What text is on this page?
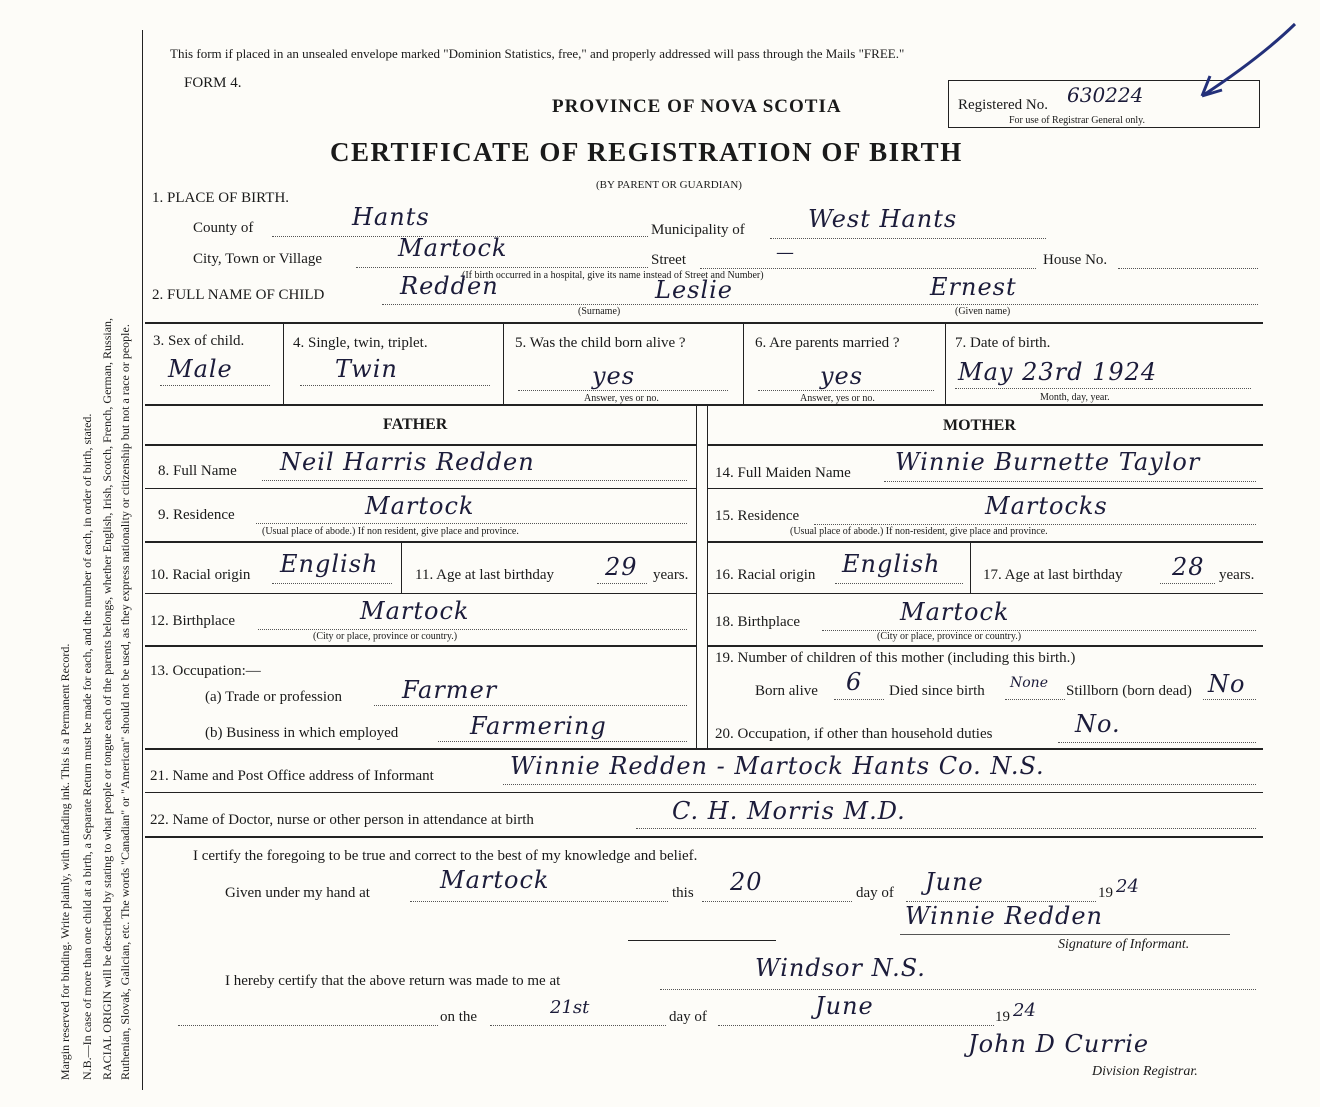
Margin reserved for binding. Write plainly, with unfading ink. This is a Permanent Record. N.B.—In case of more than one child at a birth, a Separate Return must be made for each, and the number of each, in order of birth, stated. RACIAL ORIGIN will be described by stating to what people or tongue each of the parents belongs, whether English, Irish, Scotch, French, German, Russian, Ruthenian, Slovak, Galician, etc. The words "Canadian" or "American" should not be used, as they express nationality or citizenship but not a race or people.
This form if placed in an unsealed envelope marked "Dominion Statistics, free," and properly addressed will pass through the Mails "FREE."
FORM 4.
PROVINCE OF NOVA SCOTIA
CERTIFICATE OF REGISTRATION OF BIRTH
(BY PARENT OR GUARDIAN)
Registered No. 630224
For use of Registrar General only.
1. PLACE OF BIRTH.
County of	Hants	Municipality of	West Hants
City, Town or Village	Martock	Street	—	House No.
(If birth occurred in a hospital, give its name instead of Street and Number)
2. FULL NAME OF CHILD	Redden	Leslie	Ernest
(Surname)	(Given name)
3. Sex of child.
Male
4. Single, twin, triplet.
Twin
5. Was the child born alive ?
yes
Answer, yes or no.
6. Are parents married ?
yes
Answer, yes or no.
7. Date of birth.
May 23rd 1924
Month, day, year.
FATHER	MOTHER
8. Full Name Neil Harris Redden
9. Residence	Martock
(Usual place of abode.) If non resident, give place and province.
10. Racial origin English 11. Age at last birthday 29 years.
12. Birthplace	Martock
(City or place, province or country.)
13. Occupation:—
(a) Trade or profession Farmer
(b) Business in which employed	Farmering
14. Full Maiden Name Winnie Burnette Taylor
15. Residence	Martocks
(Usual place of abode.) If non-resident, give place and province.
16. Racial origin English	17. Age at last birthday 28 years.
18. Birthplace	Martock
(City or place, province or country.)
19. Number of children of this mother (including this birth.)
Born alive 6 Died since birth None Stillborn (born dead) No
20. Occupation, if other than household duties	No.
21. Name and Post Office address of Informant	Winnie Redden - Martock Hants Co. N.S.
22. Name of Doctor, nurse or other person in attendance at birth	C. H. Morris M.D.
I certify the foregoing to be true and correct to the best of my knowledge and belief.
Given under my hand at	Martock	this 20	day of June	19 24
Winnie Redden
Signature of Informant.
I hereby certify that the above return was made to me at	Windsor N.S.
on the	21st	day of	June	19 24
John D Currie
Division Registrar.
